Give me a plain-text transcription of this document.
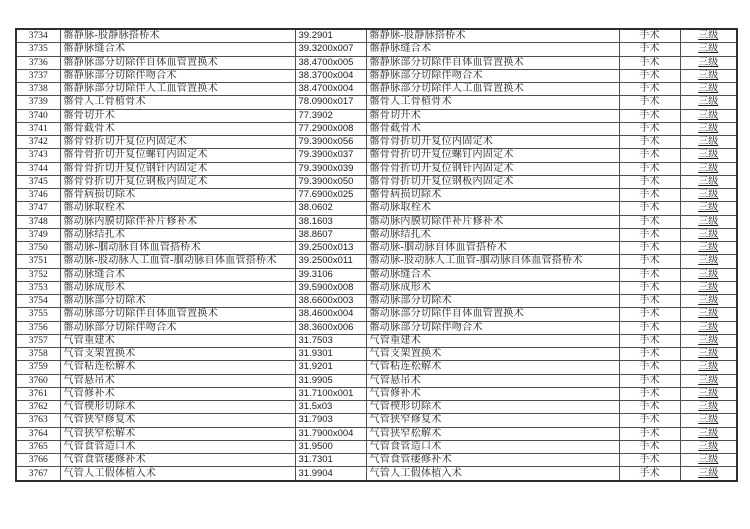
3734	髂静脉-股静脉搭桥术	39.2901	髂静脉-股静脉搭桥术	手术	三级
3735	髂静脉缝合术	39.3200x007	髂静脉缝合术	手术	三级
3736	髂静脉部分切除伴自体血管置换术	38.4700x005	髂静脉部分切除伴自体血管置换术	手术	三级
3737	髂静脉部分切除伴吻合术	38.3700x004	髂静脉部分切除伴吻合术	手术	三级
3738	髂静脉部分切除伴人工血管置换术	38.4700x004	髂静脉部分切除伴人工血管置换术	手术	三级
3739	髂骨人工骨植骨术	78.0900x017	髂骨人工骨植骨术	手术	三级
3740	髂骨切开术	77.3902	髂骨切开术	手术	三级
3741	髂骨截骨术	77.2900x008	髂骨截骨术	手术	三级
3742	髂骨骨折切开复位内固定术	79.3900x056	髂骨骨折切开复位内固定术	手术	三级
3743	髂骨骨折切开复位螺钉内固定术	79.3900x037	髂骨骨折切开复位螺钉内固定术	手术	三级
3744	髂骨骨折切开复位钢针内固定术	79.3900x039	髂骨骨折切开复位钢针内固定术	手术	三级
3745	髂骨骨折切开复位钢板内固定术	79.3900x050	髂骨骨折切开复位钢板内固定术	手术	三级
3746	髂骨病损切除术	77.6900x025	髂骨病损切除术	手术	三级
3747	髂动脉取栓术	38.0602	髂动脉取栓术	手术	三级
3748	髂动脉内膜切除伴补片修补术	38.1603	髂动脉内膜切除伴补片修补术	手术	三级
3749	髂动脉结扎术	38.8607	髂动脉结扎术	手术	三级
3750	髂动脉-腘动脉自体血管搭桥术	39.2500x013	髂动脉-腘动脉自体血管搭桥术	手术	三级
3751	髂动脉-股动脉人工血管-腘动脉自体血管搭桥术	39.2500x011	髂动脉-股动脉人工血管-腘动脉自体血管搭桥术	手术	三级
3752	髂动脉缝合术	39.3106	髂动脉缝合术	手术	三级
3753	髂动脉成形术	39.5900x008	髂动脉成形术	手术	三级
3754	髂动脉部分切除术	38.6600x003	髂动脉部分切除术	手术	三级
3755	髂动脉部分切除伴自体血管置换术	38.4600x004	髂动脉部分切除伴自体血管置换术	手术	三级
3756	髂动脉部分切除伴吻合术	38.3600x006	髂动脉部分切除伴吻合术	手术	三级
3757	气管重建术	31.7503	气管重建术	手术	三级
3758	气管支架置换术	31.9301	气管支架置换术	手术	三级
3759	气管粘连松解术	31.9201	气管粘连松解术	手术	三级
3760	气管悬吊术	31.9905	气管悬吊术	手术	三级
3761	气管修补术	31.7100x001	气管修补术	手术	三级
3762	气管楔形切除术	31.5x03	气管楔形切除术	手术	三级
3763	气管狭窄修复术	31.7903	气管狭窄修复术	手术	三级
3764	气管狭窄松解术	31.7900x004	气管狭窄松解术	手术	三级
3765	气管食管造口术	31.9500	气管食管造口术	手术	三级
3766	气管食管瘘修补术	31.7301	气管食管瘘修补术	手术	三级
3767	气管人工假体植入术	31.9904	气管人工假体植入术	手术	三级
